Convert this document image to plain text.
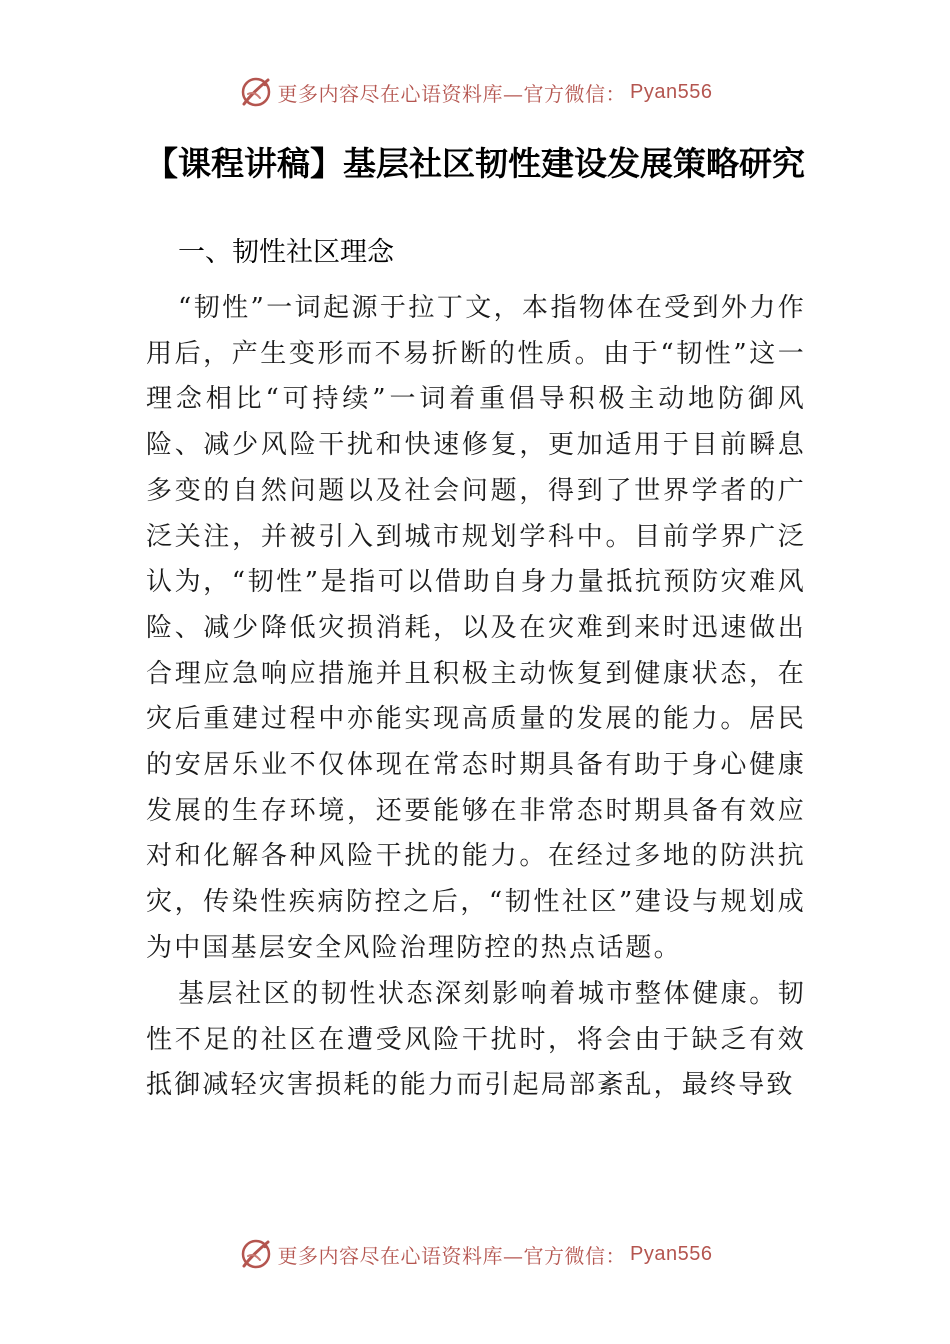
更多内容尽在心语资料库—官方微信： Pyan556
【课程讲稿】基层社区韧性建设发展策略研究
一、韧性社区理念

“韧性”一词起源于拉丁文，本指物体在受到外力作用后，产生变形而不易折断的性质。由于“韧性”这一理念相比“可持续”一词着重倡导积极主动地防御风险、减少风险干扰和快速修复，更加适用于目前瞬息多变的自然问题以及社会问题，得到了世界学者的广泛关注，并被引入到城市规划学科中。目前学界广泛认为，“韧性”是指可以借助自身力量抵抗预防灾难风险、减少降低灾损消耗，以及在灾难到来时迅速做出合理应急响应措施并且积极主动恢复到健康状态，在灾后重建过程中亦能实现高质量的发展的能力。居民的安居乐业不仅体现在常态时期具备有助于身心健康发展的生存环境，还要能够在非常态时期具备有效应对和化解各种风险干扰的能力。在经过多地的防洪抗灾，传染性疾病防控之后，“韧性社区”建设与规划成为中国基层安全风险治理防控的热点话题。

基层社区的韧性状态深刻影响着城市整体健康。韧性不足的社区在遭受风险干扰时，将会由于缺乏有效抵御减轻灾害损耗的能力而引起局部紊乱，最终导致

更多内容尽在心语资料库—官方微信： Pyan556
